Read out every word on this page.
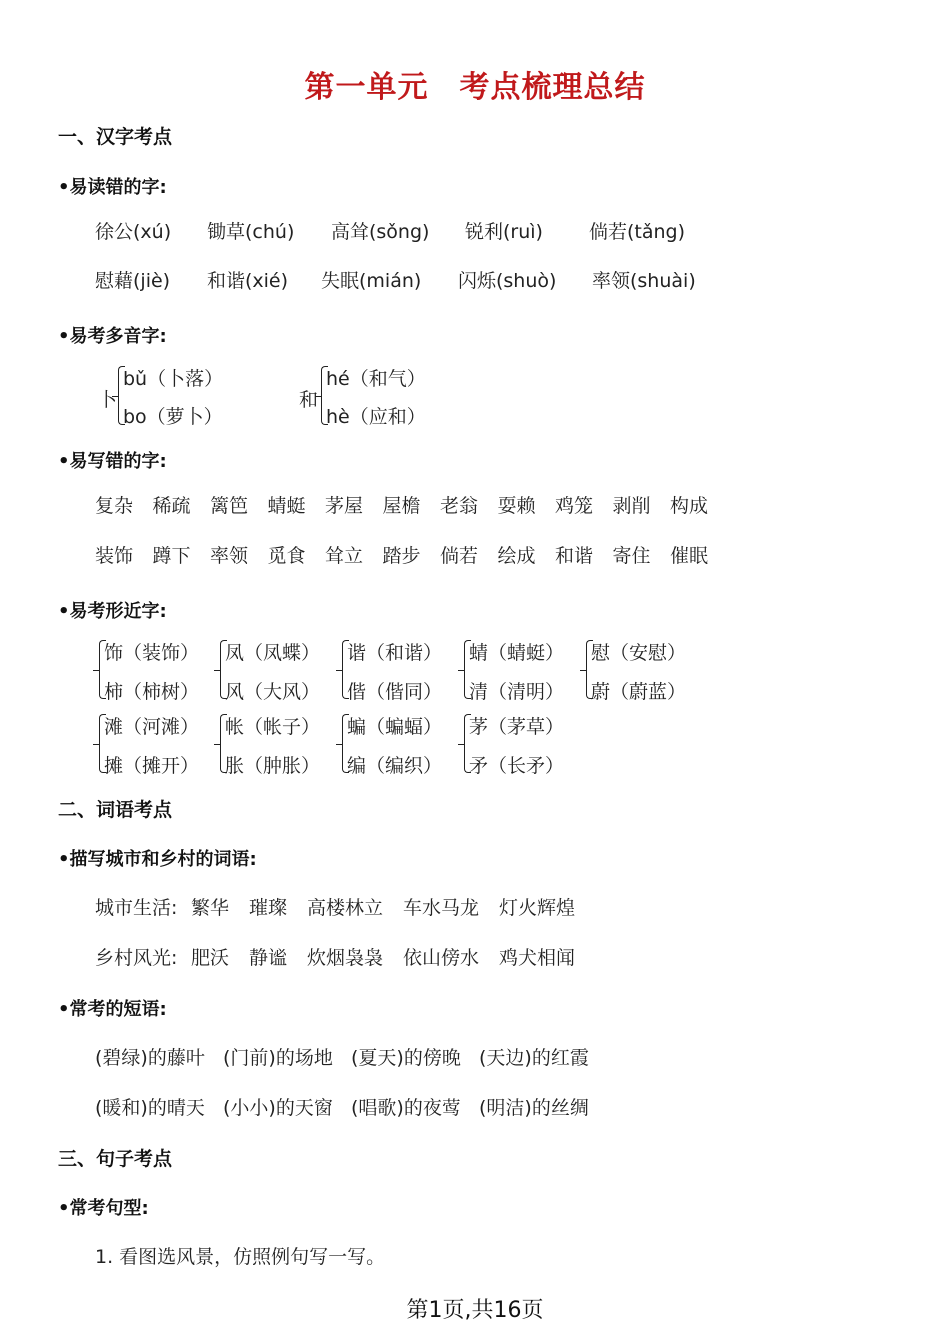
第一单元　考点梳理总结
一、汉字考点
•易读错的字:
徐公(xú) 锄草(chú) 高耸(sǒng) 锐利(ruì) 倘若(tǎng)
慰藉(jiè) 和谐(xié) 失眠(mián) 闪烁(shuò) 率领(shuài)
•易考多音字:
卜
bǔ（卜落）
bo（萝卜）
和
hé（和气）
hè（应和）
•易写错的字:
复杂 稀疏 篱笆 蜻蜓 茅屋 屋檐 老翁 耍赖 鸡笼 剥削 构成
装饰 蹲下 率领 觅食 耸立 踏步 倘若 绘成 和谐 寄住 催眠
•易考形近字:
饰（装饰）
柿（柿树）
凤（凤蝶）
风（大风）
谐（和谐）
偕（偕同）
蜻（蜻蜓）
清（清明）
慰（安慰）
蔚（蔚蓝）
滩（河滩）
摊（摊开）
帐（帐子）
胀（肿胀）
蝙（蝙蝠）
编（编织）
茅（茅草）
矛（长矛）
二、词语考点
•描写城市和乡村的词语:
城市生活: 繁华 璀璨 高楼林立 车水马龙 灯火辉煌
乡村风光: 肥沃 静谧 炊烟袅袅 依山傍水 鸡犬相闻
•常考的短语:
(碧绿)的藤叶 (门前)的场地 (夏天)的傍晚 (天边)的红霞
(暖和)的晴天 (小小)的天窗 (唱歌)的夜莺 (明洁)的丝绸
三、句子考点
•常考句型:
1. 看图选风景，仿照例句写一写。
第1页,共16页
